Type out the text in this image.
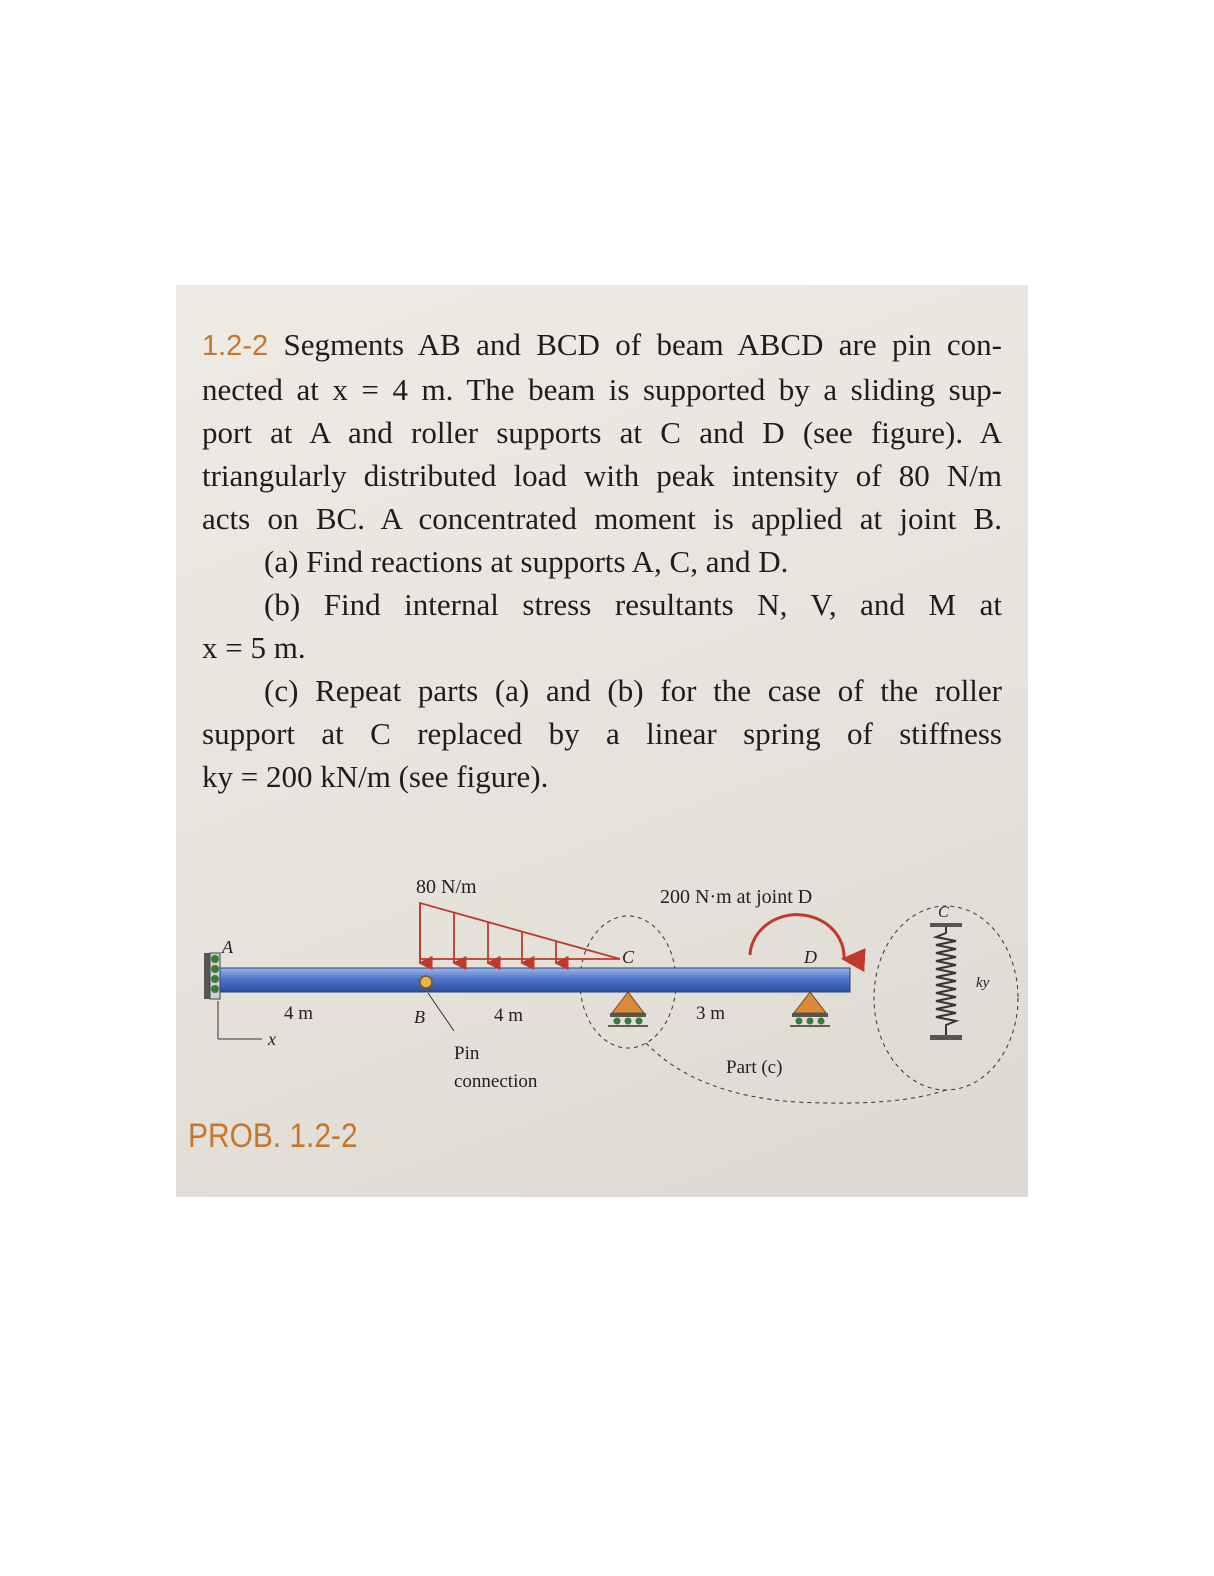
1.2-2 Segments AB and BCD of beam ABCD are pin con-
nected at x = 4 m. The beam is supported by a sliding sup-
port at A and roller supports at C and D (see figure). A
triangularly distributed load with peak intensity of 80 N/m
acts on BC. A concentrated moment is applied at joint B.
(a) Find reactions at supports A, C, and D.
(b) Find internal stress resultants N, V, and M at
x = 5 m.
(c) Repeat parts (a) and (b) for the case of the roller
support at C replaced by a linear spring of stiffness
ky = 200 kN/m (see figure).
80 N/m	200 N·m at joint D
A
B
C	D
4 m	4 m	3 m
x
Pin
connection
Part (c)
C
ky
PROB. 1.2-2
